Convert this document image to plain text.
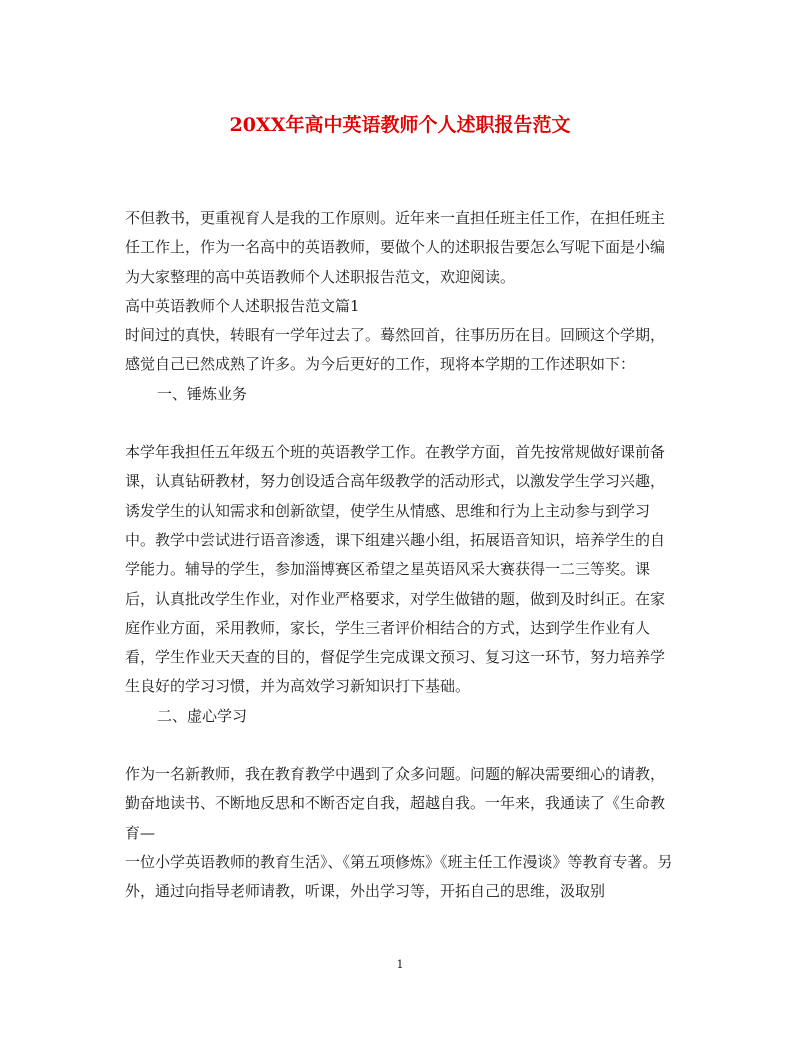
20XX年高中英语教师个人述职报告范文

不但教书，更重视育人是我的工作原则。近年来一直担任班主任工作，在担任班主任工作上，作为一名高中的英语教师，要做个人的述职报告要怎么写呢下面是小编为大家整理的高中英语教师个人述职报告范文，欢迎阅读。

高中英语教师个人述职报告范文篇1

时间过的真快，转眼有一学年过去了。蓦然回首，往事历历在目。回顾这个学期，感觉自己已然成熟了许多。为今后更好的工作，现将本学期的工作述职如下：

一、锤炼业务

本学年我担任五年级五个班的英语教学工作。在教学方面，首先按常规做好课前备课，认真钻研教材，努力创设适合高年级教学的活动形式，以激发学生学习兴趣，诱发学生的认知需求和创新欲望，使学生从情感、思维和行为上主动参与到学习中。教学中尝试进行语音渗透，课下组建兴趣小组，拓展语音知识，培养学生的自学能力。辅导的学生，参加淄博赛区希望之星英语风采大赛获得一二三等奖。课后，认真批改学生作业，对作业严格要求，对学生做错的题，做到及时纠正。在家庭作业方面，采用教师，家长，学生三者评价相结合的方式，达到学生作业有人看，学生作业天天查的目的，督促学生完成课文预习、复习这一环节，努力培养学生良好的学习习惯，并为高效学习新知识打下基础。

二、虚心学习

作为一名新教师，我在教育教学中遇到了众多问题。问题的解决需要细心的请教，勤奋地读书、不断地反思和不断否定自我，超越自我。一年来，我通读了《生命教育—

一位小学英语教师的教育生活》、《第五项修炼》《班主任工作漫谈》等教育专著。另外，通过向指导老师请教，听课，外出学习等，开拓自己的思维，汲取别

1
